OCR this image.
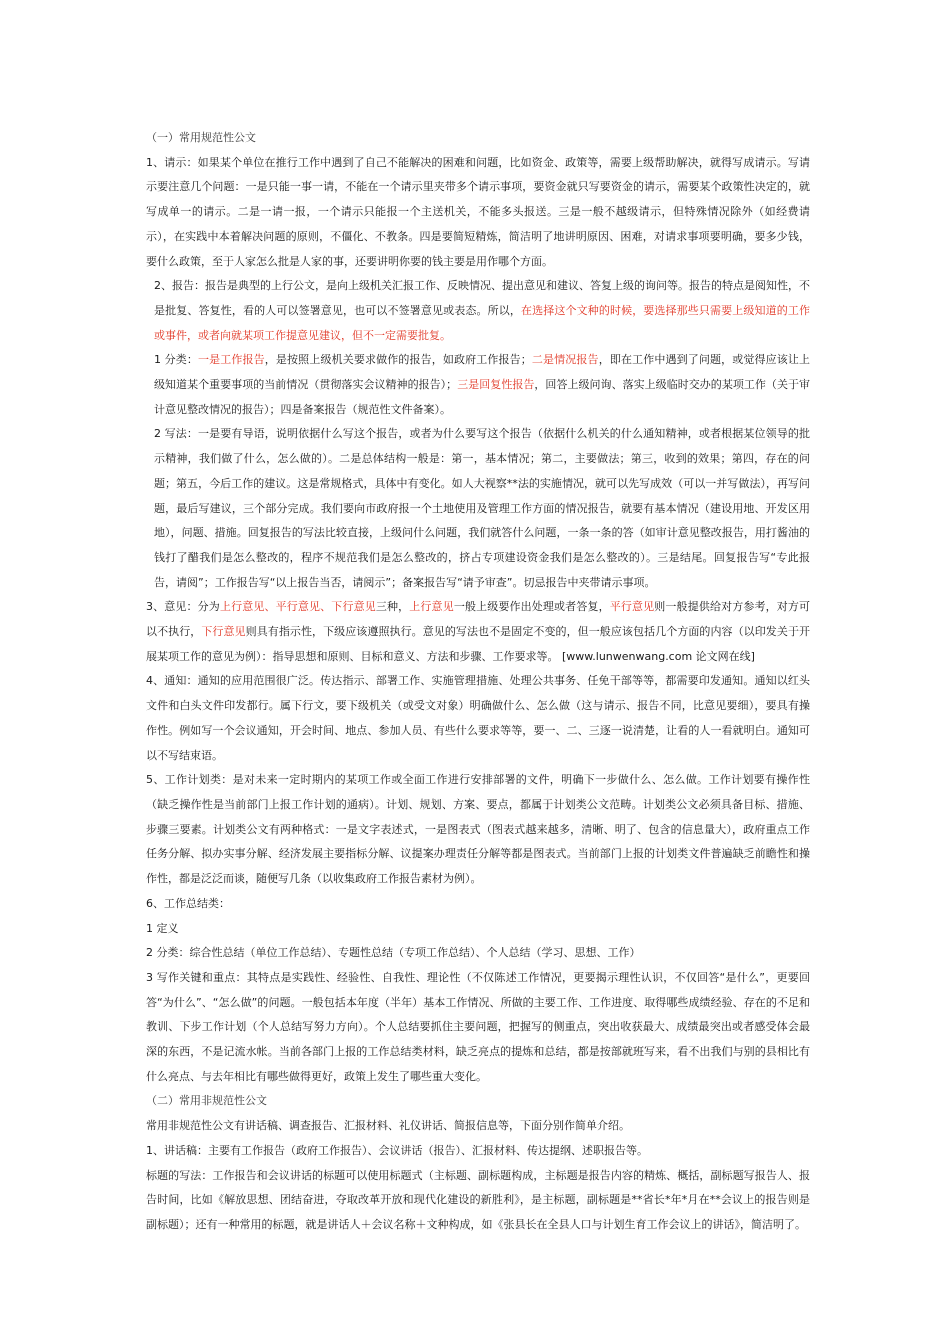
（一）常用规范性公文

1、请示：如果某个单位在推行工作中遇到了自己不能解决的困难和问题，比如资金、政策等，需要上级帮助解决，就得写成请示。写请示要注意几个问题：一是只能一事一请，不能在一个请示里夹带多个请示事项，要资金就只写要资金的请示，需要某个政策性决定的，就写成单一的请示。二是一请一报，一个请示只能报一个主送机关，不能多头报送。三是一般不越级请示，但特殊情况除外（如经费请示），在实践中本着解决问题的原则，不僵化、不教条。四是要简短精炼，简洁明了地讲明原因、困难，对请求事项要明确，要多少钱，要什么政策，至于人家怎么批是人家的事，还要讲明你要的钱主要是用作哪个方面。

2、报告：报告是典型的上行公文，是向上级机关汇报工作、反映情况、提出意见和建议、答复上级的询问等。报告的特点是阅知性，不是批复、答复性，看的人可以签署意见，也可以不签署意见或表态。所以，在选择这个文种的时候，要选择那些只需要上级知道的工作或事件，或者向就某项工作提意见建议，但不一定需要批复。

1 分类：一是工作报告，是按照上级机关要求做作的报告，如政府工作报告；二是情况报告，即在工作中遇到了问题，或觉得应该让上级知道某个重要事项的当前情况（贯彻落实会议精神的报告）；三是回复性报告，回答上级问询、落实上级临时交办的某项工作（关于审计意见整改情况的报告）；四是备案报告（规范性文件备案）。

2 写法：一是要有导语，说明依据什么写这个报告，或者为什么要写这个报告（依据什么机关的什么通知精神，或者根据某位领导的批示精神，我们做了什么，怎么做的）。二是总体结构一般是：第一，基本情况；第二，主要做法；第三，收到的效果；第四，存在的问题；第五，今后工作的建议。这是常规格式，具体中有变化。如人大视察**法的实施情况，就可以先写成效（可以一并写做法），再写问题，最后写建议，三个部分完成。我们要向市政府报一个土地使用及管理工作方面的情况报告，就要有基本情况（建设用地、开发区用地），问题、措施。回复报告的写法比较直接，上级问什么问题，我们就答什么问题，一条一条的答（如审计意见整改报告，用打酱油的钱打了醋我们是怎么整改的，程序不规范我们是怎么整改的，挤占专项建设资金我们是怎么整改的）。三是结尾。回复报告写“专此报告，请阅”；工作报告写“以上报告当否，请阅示”；备案报告写“请予审查”。切忌报告中夹带请示事项。

3、意见：分为上行意见、平行意见、下行意见三种，上行意见一般上级要作出处理或者答复，平行意见则一般提供给对方参考，对方可以不执行，下行意见则具有指示性，下级应该遵照执行。意见的写法也不是固定不变的，但一般应该包括几个方面的内容（以印发关于开展某项工作的意见为例）：指导思想和原则、目标和意义、方法和步骤、工作要求等。 [www.lunwenwang.com 论文网在线]

4、通知：通知的应用范围很广泛。传达指示、部署工作、实施管理措施、处理公共事务、任免干部等等，都需要印发通知。通知以红头文件和白头文件印发都行。属下行文，要下级机关（或受文对象）明确做什么、怎么做（这与请示、报告不同，比意见要细），要具有操作性。例如写一个会议通知，开会时间、地点、参加人员、有些什么要求等等，要一、二、三逐一说清楚，让看的人一看就明白。通知可以不写结束语。

5、工作计划类：是对未来一定时期内的某项工作或全面工作进行安排部署的文件，明确下一步做什么、怎么做。工作计划要有操作性（缺乏操作性是当前部门上报工作计划的通病）。计划、规划、方案、要点，都属于计划类公文范畴。计划类公文必须具备目标、措施、步骤三要素。计划类公文有两种格式：一是文字表述式，一是图表式（图表式越来越多，清晰、明了、包含的信息量大），政府重点工作任务分解、拟办实事分解、经济发展主要指标分解、议提案办理责任分解等都是图表式。当前部门上报的计划类文件普遍缺乏前瞻性和操作性，都是泛泛而谈，随便写几条（以收集政府工作报告素材为例）。

6、工作总结类：

1 定义

2 分类：综合性总结（单位工作总结）、专题性总结（专项工作总结）、个人总结（学习、思想、工作）

3 写作关键和重点：其特点是实践性、经验性、自我性、理论性（不仅陈述工作情况，更要揭示理性认识，不仅回答“是什么”，更要回答“为什么”、“怎么做”的问题。一般包括本年度（半年）基本工作情况、所做的主要工作、工作进度、取得哪些成绩经验、存在的不足和教训、下步工作计划（个人总结写努力方向）。个人总结要抓住主要问题，把握写的侧重点，突出收获最大、成绩最突出或者感受体会最深的东西，不是记流水帐。当前各部门上报的工作总结类材料，缺乏亮点的提炼和总结，都是按部就班写来，看不出我们与别的县相比有什么亮点、与去年相比有哪些做得更好，政策上发生了哪些重大变化。

（二）常用非规范性公文

常用非规范性公文有讲话稿、调查报告、汇报材料、礼仪讲话、简报信息等，下面分别作简单介绍。

1、讲话稿：主要有工作报告（政府工作报告）、会议讲话（报告）、汇报材料、传达提纲、述职报告等。

标题的写法：工作报告和会议讲话的标题可以使用标题式（主标题、副标题构成，主标题是报告内容的精炼、概括，副标题写报告人、报告时间，比如《解放思想、团结奋进，夺取改革开放和现代化建设的新胜利》，是主标题，副标题是**省长*年*月在**会议上的报告则是副标题）；还有一种常用的标题，就是讲话人＋会议名称＋文种构成，如《张县长在全县人口与计划生育工作会议上的讲话》，简洁明了。
